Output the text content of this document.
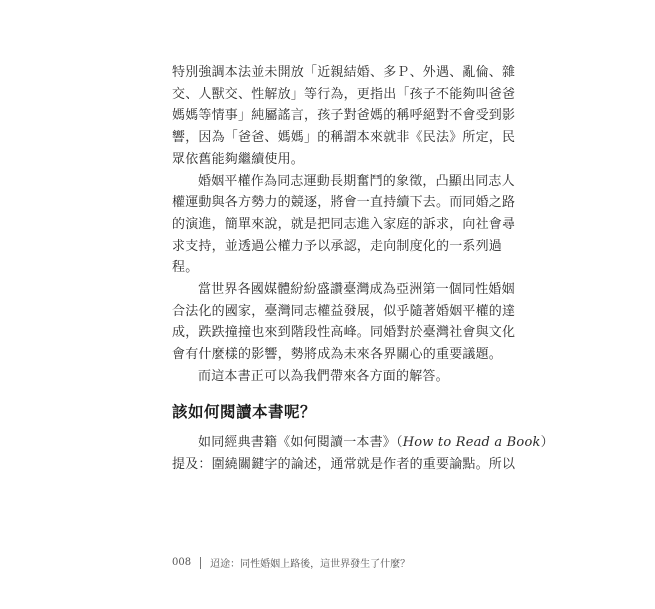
特別強調本法並未開放「近親結婚、多Ｐ、外遇、亂倫、雜
交、人獸交、性解放」等行為，更指出「孩子不能夠叫爸爸
媽媽等情事」純屬謠言，孩子對爸媽的稱呼絕對不會受到影
響，因為「爸爸、媽媽」的稱謂本來就非《民法》所定，民
眾依舊能夠繼續使用。
婚姻平權作為同志運動長期奮鬥的象徵，凸顯出同志人
權運動與各方勢力的競逐，將會一直持續下去。而同婚之路
的演進，簡單來說，就是把同志進入家庭的訴求，向社會尋
求支持，並透過公權力予以承認，走向制度化的一系列過
程。
當世界各國媒體紛紛盛讚臺灣成為亞洲第一個同性婚姻
合法化的國家，臺灣同志權益發展，似乎隨著婚姻平權的達
成，跌跌撞撞也來到階段性高峰。同婚對於臺灣社會與文化
會有什麼樣的影響，勢將成為未來各界關心的重要議題。
而這本書正可以為我們帶來各方面的解答。
該如何閱讀本書呢？
如同經典書籍《如何閱讀一本書》（How to Read a Book）
提及：圍繞關鍵字的論述，通常就是作者的重要論點。所以
008 迢途：同性婚姻上路後，這世界發生了什麼？
